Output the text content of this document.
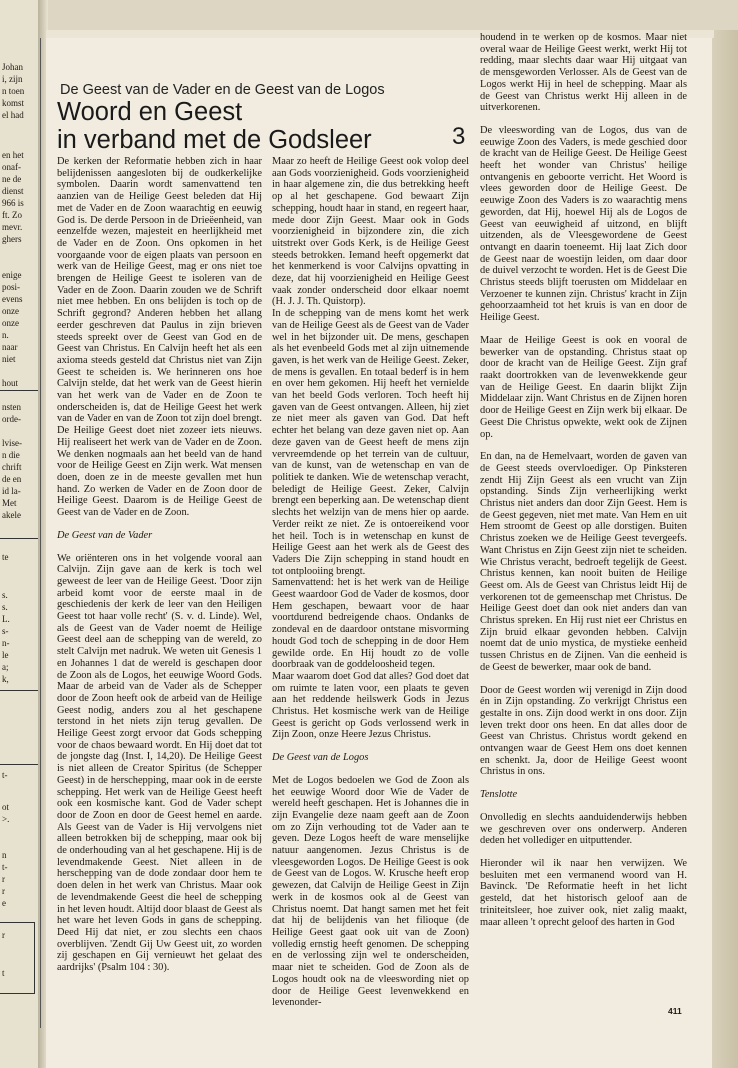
Johan
i, zijn
n toen
komst
el had
en het
onaf-
ne de
dienst
966 is
ft. Zo
mevr.
ghers
enige
posi-
evens
onze
onze
n.
naar
niet
hout
nsten
orde-
lvise-
n die
chrift
de en
id la-
Met
akele
te
s.
s.
L.
s-
n-
le
a;
k,
t-
ot
>.
n
t-
r
r
e
r
t
De Geest van de Vader en de Geest van de Logos
Woord en Geest
in verband met de Godsleer	3

De kerken der Reformatie hebben zich in haar belijdenissen aangesloten bij de oudkerkelijke symbolen. Daarin wordt samenvattend ten aanzien van de Heilige Geest beleden dat Hij met de Vader en de Zoon waarachtig en eeuwig God is. De derde Persoon in de Drieëenheid, van eenzelfde wezen, majesteit en heerlijkheid met de Vader en de Zoon. Ons opkomen in het voorgaande voor de eigen plaats van persoon en werk van de Heilige Geest, mag er ons niet toe brengen de Heilige Geest te isoleren van de Vader en de Zoon. Daarin zouden we de Schrift niet mee hebben. En ons belijden is toch op de Schrift gegrond? Anderen hebben het allang eerder geschreven dat Paulus in zijn brieven steeds spreekt over de Geest van God en de Geest van Christus. En Calvijn heeft het als een axioma steeds gesteld dat Christus niet van Zijn Geest te scheiden is. We herinneren ons hoe Calvijn stelde, dat het werk van de Geest hierin van het werk van de Vader en de Zoon te onderscheiden is, dat de Heilige Geest het werk van de Vader en van de Zoon tot zijn doel brengt. De Heilige Geest doet niet zozeer iets nieuws. Hij realiseert het werk van de Vader en de Zoon. We denken nogmaals aan het beeld van de hand voor de Heilige Geest en Zijn werk. Wat mensen doen, doen ze in de meeste gevallen met hun hand. Zo werken de Vader en de Zoon door de Heilige Geest. Daarom is de Heilige Geest de Geest van de Vader en de Zoon.

De Geest van de Vader

We oriënteren ons in het volgende vooral aan Calvijn. Zijn gave aan de kerk is toch wel geweest de leer van de Heilige Geest. 'Door zijn arbeid komt voor de eerste maal in de geschiedenis der kerk de leer van den Heiligen Geest tot haar volle recht' (S. v. d. Linde). Wel, als de Geest van de Vader noemt de Heilige Geest deel aan de schepping van de wereld, zo stelt Calvijn met nadruk. We weten uit Genesis 1 en Johannes 1 dat de wereld is geschapen door de Zoon als de Logos, het eeuwige Woord Gods. Maar de arbeid van de Vader als de Schepper door de Zoon heeft ook de arbeid van de Heilige Geest nodig, anders zou al het geschapene terstond in het niets zijn terug gevallen. De Heilige Geest zorgt ervoor dat Gods schepping voor de chaos bewaard wordt. En Hij doet dat tot de jongste dag (Inst. I, 14,20). De Heilige Geest is niet alleen de Creator Spiritus (de Schepper Geest) in de herschepping, maar ook in de eerste schepping. Het werk van de Heilige Geest heeft ook een kosmische kant. God de Vader schept door de Zoon en door de Geest hemel en aarde. Als Geest van de Vader is Hij vervolgens niet alleen betrokken bij de schepping, maar ook bij de onderhouding van al het geschapene. Hij is de levendmakende Geest. Niet alleen in de herschepping van de dode zondaar door hem te doen delen in het werk van Christus. Maar ook de levendmakende Geest die heel de schepping in het leven houdt. Altijd door blaast de Geest als het ware het leven Gods in gans de schepping. Deed Hij dat niet, er zou slechts een chaos overblijven. 'Zendt Gij Uw Geest uit, zo worden zij geschapen en Gij vernieuwt het gelaat des aardrijks' (Psalm 104 : 30).

Maar zo heeft de Heilige Geest ook volop deel aan Gods voorzienigheid. Gods voorzienigheid in haar algemene zin, die dus betrekking heeft op al het geschapene. God bewaart Zijn schepping, houdt haar in stand, en regeert haar, mede door Zijn Geest. Maar ook in Gods voorzienigheid in bijzondere zin, die zich uitstrekt over Gods Kerk, is de Heilige Geest steeds betrokken. Iemand heeft opgemerkt dat het kenmerkend is voor Calvijns opvatting in deze, dat hij voorzienigheid en Heilige Geest vaak zonder onderscheid door elkaar noemt (H. J. J. Th. Quistorp).

In de schepping van de mens komt het werk van de Heilige Geest als de Geest van de Vader wel in het bijzonder uit. De mens, geschapen als het evenbeeld Gods met al zijn uitnemende gaven, is het werk van de Heilige Geest. Zeker, de mens is gevallen. En totaal bederf is in hem en over hem gekomen. Hij heeft het vernielde van het beeld Gods verloren. Toch heeft hij gaven van de Geest ontvangen. Alleen, hij ziet ze niet meer als gaven van God. Dat heft echter het belang van deze gaven niet op. Aan deze gaven van de Geest heeft de mens zijn vervreemdende op het terrein van de cultuur, van de kunst, van de wetenschap en van de politiek te danken. Wie de wetenschap veracht, beledigt de Heilige Geest. Zeker, Calvijn brengt een beperking aan. De wetenschap dient slechts het welzijn van de mens hier op aarde. Verder reikt ze niet. Ze is ontoereikend voor het heil. Toch is in wetenschap en kunst de Heilige Geest aan het werk als de Geest des Vaders Die Zijn schepping in stand houdt en tot ontplooiing brengt.

Samenvattend: het is het werk van de Heilige Geest waardoor God de Vader de kosmos, door Hem geschapen, bewaart voor de haar voortdurend bedreigende chaos. Ondanks de zondeval en de daardoor ontstane misvorming houdt God toch de schepping in de door Hem gewilde orde. En Hij houdt zo de volle doorbraak van de goddeloosheid tegen.

Maar waarom doet God dat alles? God doet dat om ruimte te laten voor, een plaats te geven aan het reddende heilswerk Gods in Jezus Christus. Het kosmische werk van de Heilige Geest is gericht op Gods verlossend werk in Zijn Zoon, onze Heere Jezus Christus.

De Geest van de Logos

Met de Logos bedoelen we God de Zoon als het eeuwige Woord door Wie de Vader de wereld heeft geschapen. Het is Johannes die in zijn Evangelie deze naam geeft aan de Zoon om zo Zijn verhouding tot de Vader aan te geven. Deze Logos heeft de ware menselijke natuur aangenomen. Jezus Christus is de vleesgeworden Logos. De Heilige Geest is ook de Geest van de Logos. W. Krusche heeft erop gewezen, dat Calvijn de Heilige Geest in Zijn werk in de kosmos ook al de Geest van Christus noemt. Dat hangt samen met het feit dat hij de belijdenis van het filioque (de Heilige Geest gaat ook uit van de Zoon) volledig ernstig heeft genomen. De schepping en de verlossing zijn wel te onderscheiden, maar niet te scheiden. God de Zoon als de Logos houdt ook na de vleeswording niet op door de Heilige Geest levenwekkend en levenonder-

houdend in te werken op de kosmos. Maar niet overal waar de Heilige Geest werkt, werkt Hij tot redding, maar slechts daar waar Hij uitgaat van de mensgeworden Verlosser. Als de Geest van de Logos werkt Hij in heel de schepping. Maar als de Geest van Christus werkt Hij alleen in de uitverkorenen.

De vleeswording van de Logos, dus van de eeuwige Zoon des Vaders, is mede geschied door de kracht van de Heilige Geest. De Heilige Geest heeft het wonder van Christus' heilige ontvangenis en geboorte verricht. Het Woord is vlees geworden door de Heilige Geest. De eeuwige Zoon des Vaders is zo waarachtig mens geworden, dat Hij, hoewel Hij als de Logos de Geest van eeuwigheid af uitzond, en blijft uitzenden, als de Vleesgewordene de Geest ontvangt en daarin toeneemt. Hij laat Zich door de Geest naar de woestijn leiden, om daar door de duivel verzocht te worden. Het is de Geest Die Christus steeds blijft toerusten om Middelaar en Verzoener te kunnen zijn. Christus' kracht in Zijn gehoorzaamheid tot het kruis is van en door de Heilige Geest.

Maar de Heilige Geest is ook en vooral de bewerker van de opstanding. Christus staat op door de kracht van de Heilige Geest. Zijn graf raakt doortrokken van de levenwekkende geur van de Heilige Geest. En daarin blijkt Zijn Middelaar zijn. Want Christus en de Zijnen horen door de Heilige Geest en Zijn werk bij elkaar. De Geest Die Christus opwekte, wekt ook de Zijnen op.

En dan, na de Hemelvaart, worden de gaven van de Geest steeds overvloediger. Op Pinksteren zendt Hij Zijn Geest als een vrucht van Zijn opstanding. Sinds Zijn verheerlijking werkt Christus niet anders dan door Zijn Geest. Hem is de Geest gegeven, niet met mate. Van Hem en uit Hem stroomt de Geest op alle dorstigen. Buiten Christus zoeken we de Heilige Geest tevergeefs. Want Christus en Zijn Geest zijn niet te scheiden. Wie Christus veracht, bedroeft tegelijk de Geest. Christus kennen, kan nooit buiten de Heilige Geest om. Als de Geest van Christus leidt Hij de verkorenen tot de gemeenschap met Christus. De Heilige Geest doet dan ook niet anders dan van Christus spreken. En Hij rust niet eer Christus en Zijn bruid elkaar gevonden hebben. Calvijn noemt dat de unio mystica, de mystieke eenheid tussen Christus en de Zijnen. Van die eenheid is de Geest de bewerker, maar ook de band.

Door de Geest worden wij verenigd in Zijn dood én in Zijn opstanding. Zo verkrijgt Christus een gestalte in ons. Zijn dood werkt in ons door. Zijn leven trekt door ons heen. En dat alles door de Geest van Christus. Christus wordt gekend en ontvangen waar de Geest Hem ons doet kennen en schenkt. Ja, door de Heilige Geest woont Christus in ons.

Tenslotte

Onvolledig en slechts aanduidenderwijs hebben we geschreven over ons onderwerp. Anderen deden het vollediger en uitputtender.

Hieronder wil ik naar hen verwijzen. We besluiten met een vermanend woord van H. Bavinck. 'De Reformatie heeft in het licht gesteld, dat het historisch geloof aan de triniteitsleer, hoe zuiver ook, niet zalig maakt, maar alleen 't oprecht geloof des harten in God

411
